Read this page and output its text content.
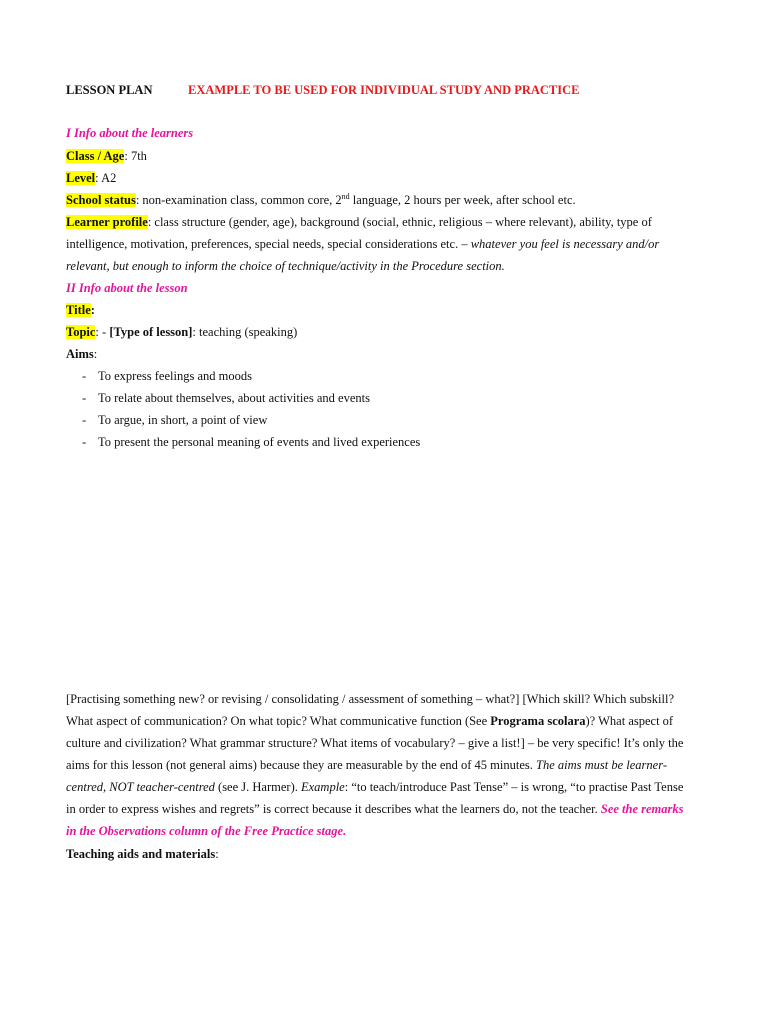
LESSON PLAN	EXAMPLE TO BE USED FOR INDIVIDUAL STUDY AND PRACTICE
I Info about the learners
Class / Age: 7th
Level: A2
School status: non-examination class, common core, 2nd language, 2 hours per week, after school etc.
Learner profile: class structure (gender, age), background (social, ethnic, religious – where relevant), ability, type of
intelligence, motivation, preferences, special needs, special considerations etc. – whatever you feel is necessary and/or
relevant, but enough to inform the choice of technique/activity in the Procedure section.
II Info about the lesson
Title:
Topic: - [Type of lesson]: teaching (speaking)
Aims:
- To express feelings and moods
- To relate about themselves, about activities and events
- To argue, in short, a point of view
- To present the personal meaning of events and lived experiences
[Practising something new? or revising / consolidating / assessment of something – what?] [Which skill? Which subskill?
What aspect of communication? On what topic? What communicative function (See Programa scolara)? What aspect of
culture and civilization? What grammar structure? What items of vocabulary? – give a list!] – be very specific! It’s only the
aims for this lesson (not general aims) because they are measurable by the end of 45 minutes. The aims must be learner-
centred, NOT teacher-centred (see J. Harmer). Example: “to teach/introduce Past Tense” – is wrong, “to practise Past Tense
in order to express wishes and regrets” is correct because it describes what the learners do, not the teacher. See the remarks
in the Observations column of the Free Practice stage.
Teaching aids and materials:
